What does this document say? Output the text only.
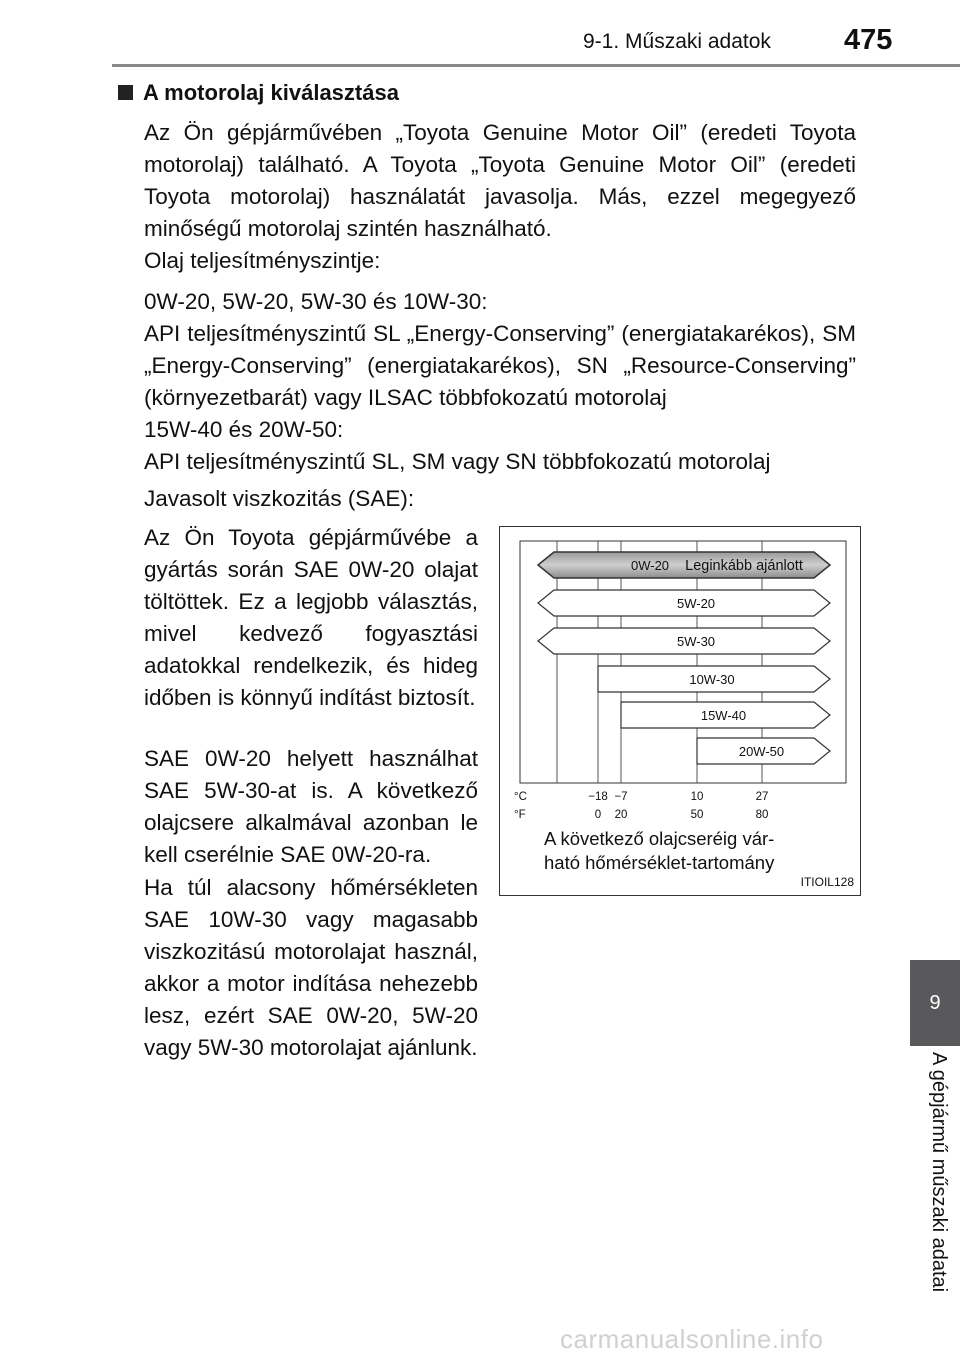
9-1. Műszaki adatok	475
9
A gépjármű műszaki adatai
A motorolaj kiválasztása

Az Ön gépjárművében „Toyota Genuine Motor Oil” (eredeti Toyota motorolaj) található. A Toyota „Toyota Genuine Motor Oil” (eredeti Toyota motorolaj) használatát javasolja. Más, ezzel megegyező minőségű motorolaj szintén használható.

Olaj teljesítményszintje:

0W-20, 5W-20, 5W-30 és 10W-30:

API teljesítményszintű SL „Energy-Conserving” (energiatakarékos), SM „Energy-Conserving” (energiatakarékos), SN „Resource-Conserving” (környezetbarát) vagy ILSAC többfokozatú motorolaj

15W-40 és 20W-50:

API teljesítményszintű SL, SM vagy SN többfokozatú motorolaj

Javasolt viszkozitás (SAE):

Az Ön Toyota gépjárművébe a gyártás során SAE 0W-20 olajat töltöttek. Ez a legjobb választás, mivel kedvező fogyasztási adatokkal rendelkezik, és hideg időben is könnyű indítást biztosít.

SAE 0W-20 helyett használhat SAE 5W-30-at is. A következő olajcsere alkalmával azonban le kell cserélnie SAE 0W-20-ra.

Ha túl alacsony hőmérsékleten SAE 10W-30 vagy magasabb viszkozitású motorolajat használ, akkor a motor indítása nehezebb lesz, ezért SAE 0W-20, 5W-20 vagy 5W-30 motorolajat ajánlunk.

0W-20 Leginkább ajánlott
5W-20
5W-30
10W-30
15W-40
20W-50
°C
°F
−18 −7	10	27
0 20	50	80
A következő olajcseréig vár-
ható hőmérséklet-tartomány
ITIOIL128
carmanualsonline.info
